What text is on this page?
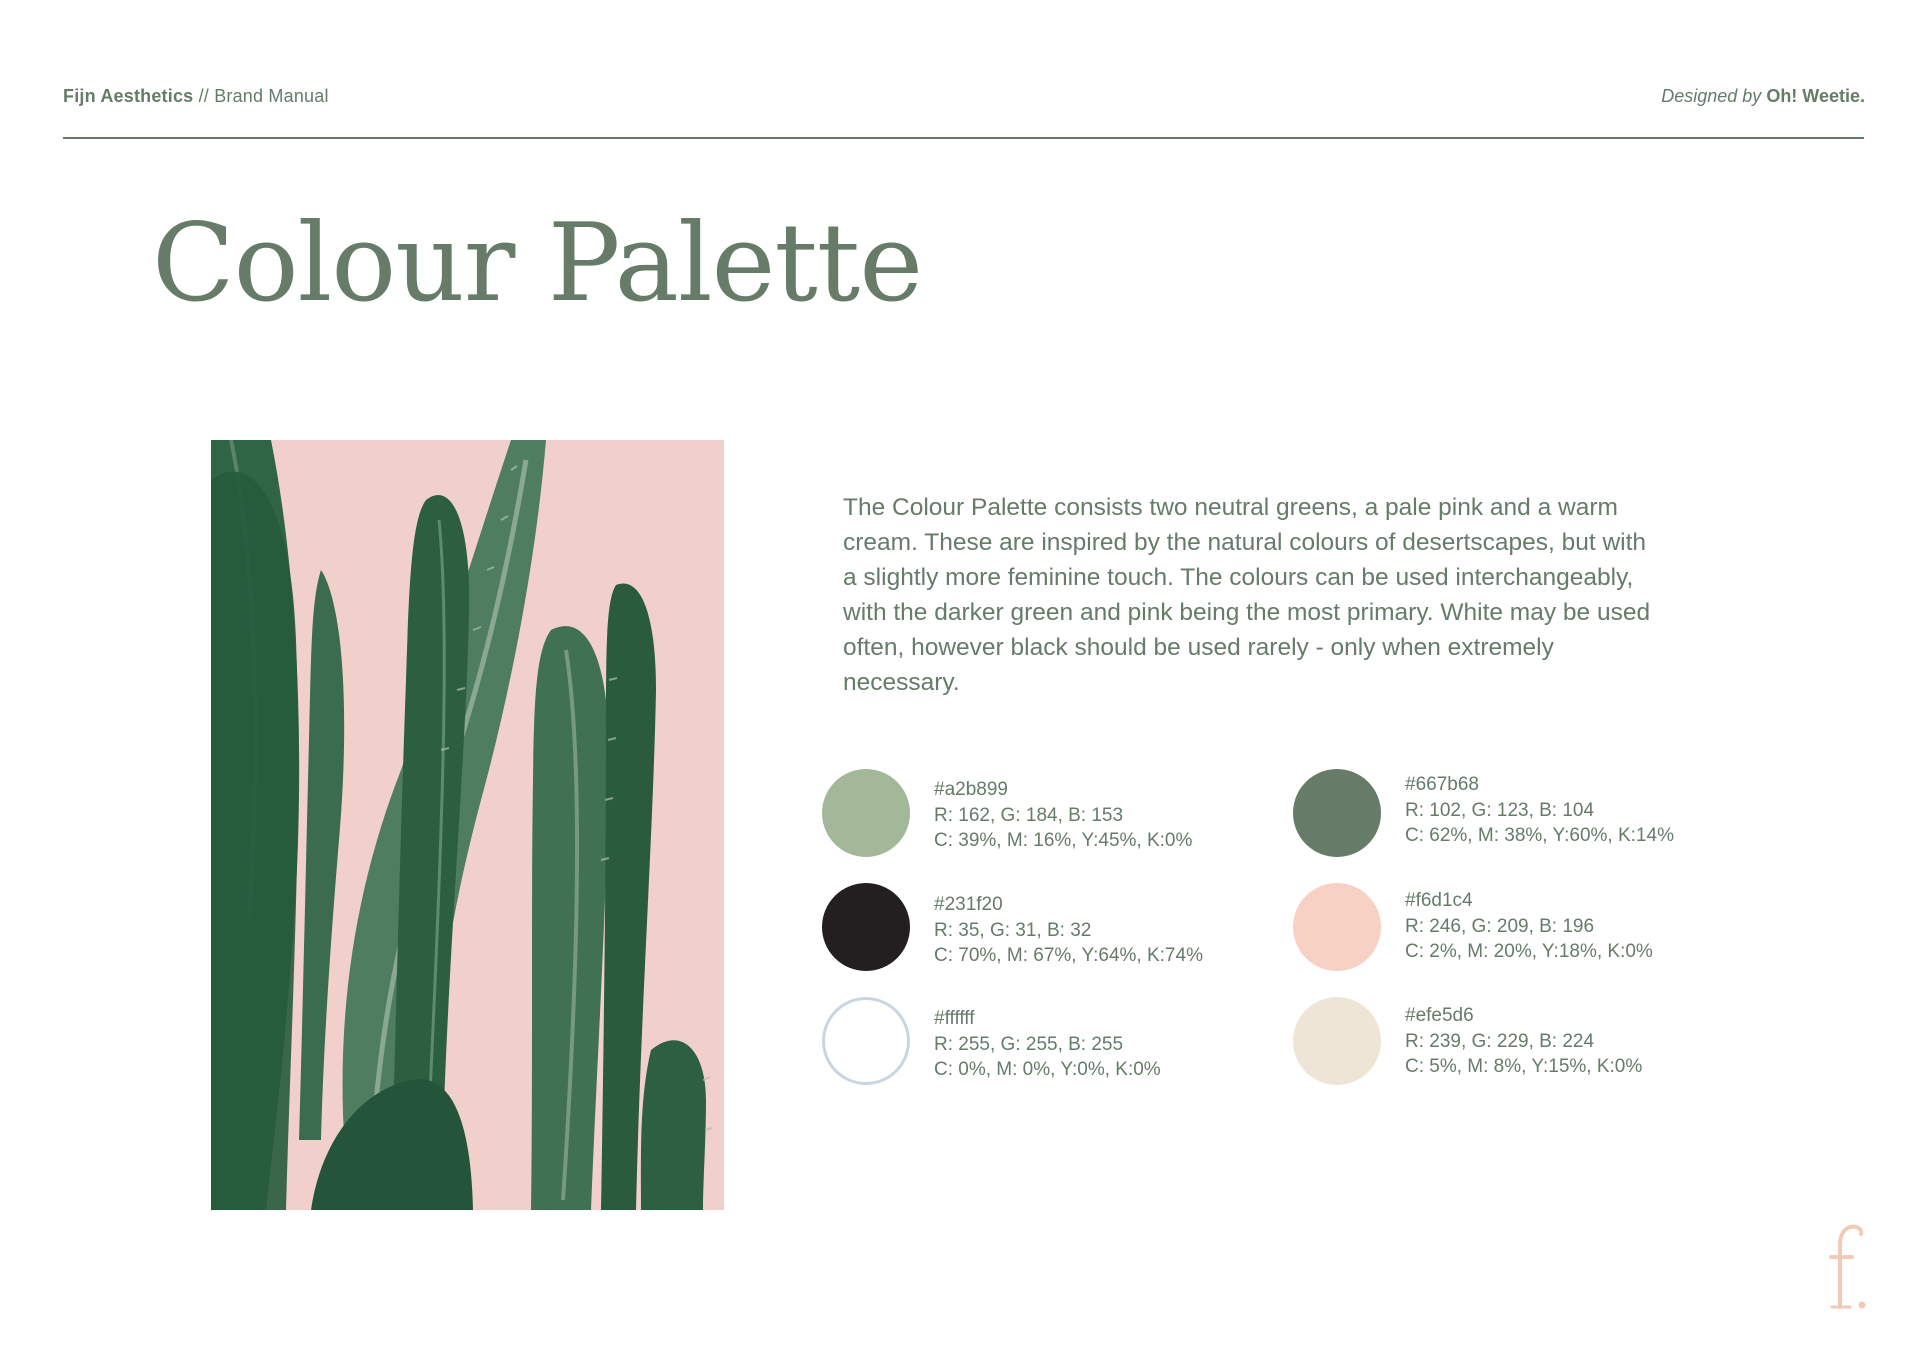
Fijn Aesthetics // Brand Manual	Designed by Oh! Weetie.
Colour Palette

The Colour Palette consists two neutral greens, a pale pink and a warm cream. These are inspired by the natural colours of desertscapes, but with a slightly more feminine touch. The colours can be used interchangeably, with the darker green and pink being the most primary. White may be used often, however black should be used rarely - only when extremely necessary.

#a2b899
R: 162, G: 184, B: 153
C: 39%, M: 16%, Y:45%, K:0%
#231f20
R: 35, G: 31, B: 32
C: 70%, M: 67%, Y:64%, K:74%
#ffffff
R: 255, G: 255, B: 255
C: 0%, M: 0%, Y:0%, K:0%
#667b68
R: 102, G: 123, B: 104
C: 62%, M: 38%, Y:60%, K:14%
#f6d1c4
R: 246, G: 209, B: 196
C: 2%, M: 20%, Y:18%, K:0%
#efe5d6
R: 239, G: 229, B: 224
C: 5%, M: 8%, Y:15%, K:0%
